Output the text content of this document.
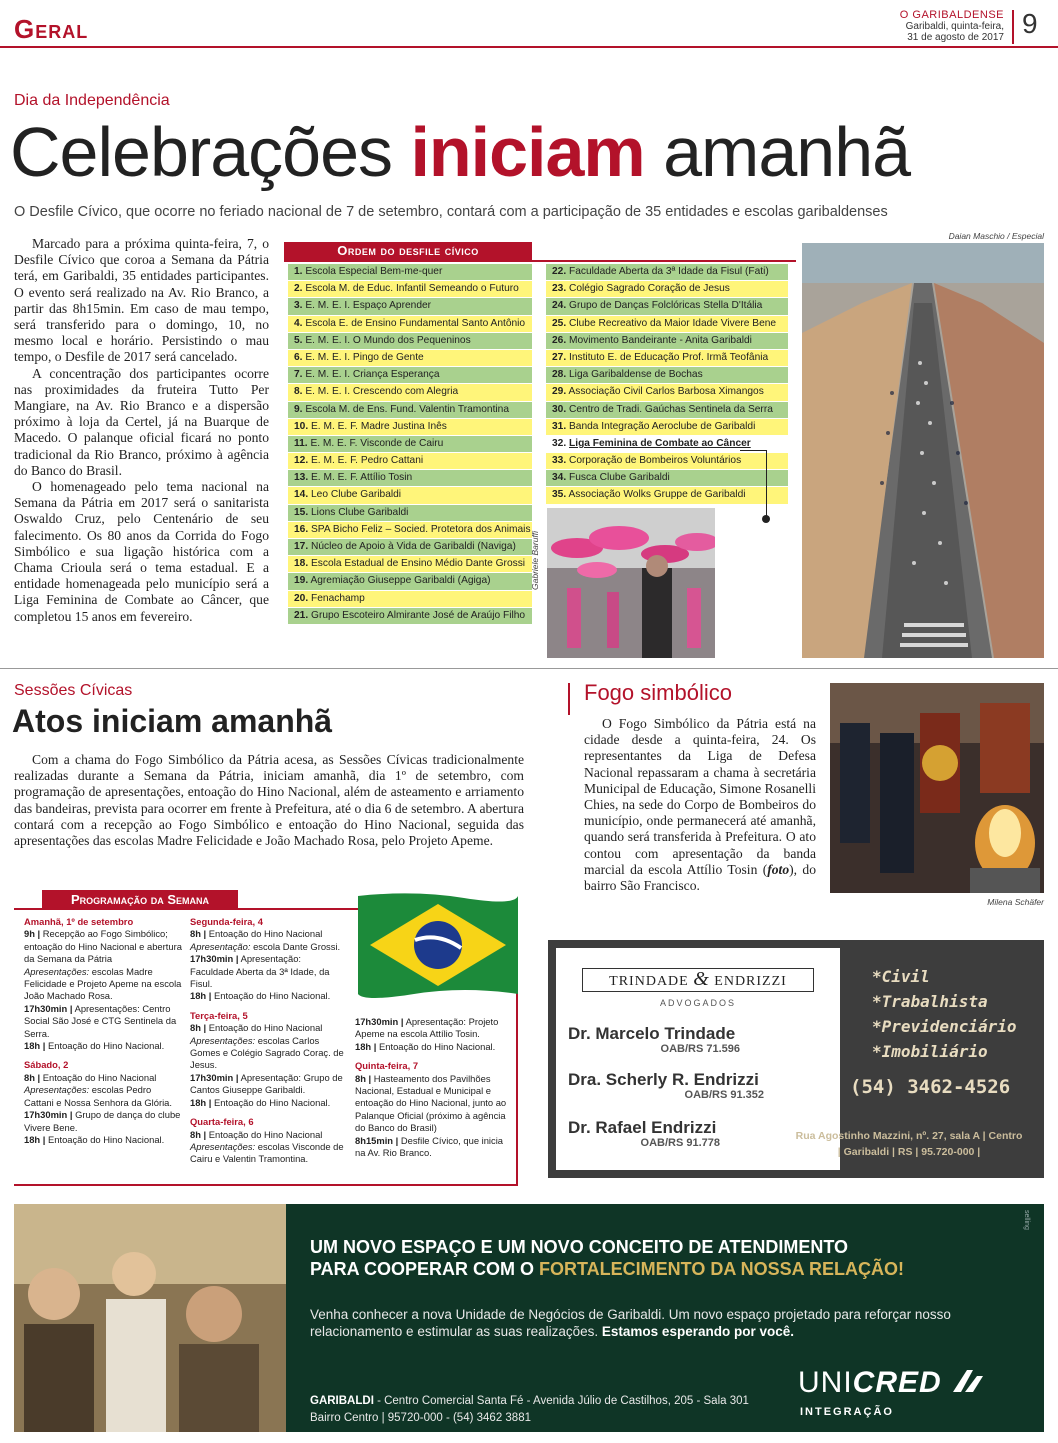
Geral	O GARIBALDENSE
Garibaldi, quinta-feira,
31 de agosto de 2017 9
Dia da Independência
Celebrações iniciam amanhã
O Desfile Cívico, que ocorre no feriado nacional de 7 de setembro, contará com a participação de 35 entidades e escolas garibaldenses

Marcado para a próxima quinta-feira, 7, o Desfile Cívico que coroa a Semana da Pátria terá, em Garibaldi, 35 entidades participantes. O evento será realizado na Av. Rio Branco, a partir das 8h15min. Em caso de mau tempo, será transferido para o domingo, 10, no mesmo local e horário. Persistindo o mau tempo, o Desfile de 2017 será cancelado.

A concentração dos participantes ocorre nas proximidades da fruteira Tutto Per Mangiare, na Av. Rio Branco e a dispersão próximo à loja da Certel, já na Buarque de Macedo. O palanque oficial ficará no ponto tradicional da Rio Branco, próximo à agência do Banco do Brasil.

O homenageado pelo tema nacional na Semana da Pátria em 2017 será o sanitarista Oswaldo Cruz, pelo Centenário de seu falecimento. Os 80 anos da Corrida do Fogo Simbólico e sua ligação histórica com a Chama Crioula será o tema estadual. E a entidade homenageada pelo município será a Liga Feminina de Combate ao Câncer, que completou 15 anos em fevereiro.

Ordem do desfile cívico
1. Escola Especial Bem-me-quer
2. Escola M. de Educ. Infantil Semeando o Futuro
3. E. M. E. I. Espaço Aprender
4. Escola E. de Ensino Fundamental Santo Antônio
5. E. M. E. I. O Mundo dos Pequeninos
6. E. M. E. I. Pingo de Gente
7. E. M. E. I. Criança Esperança
8. E. M. E. I. Crescendo com Alegria
9. Escola M. de Ens. Fund. Valentin Tramontina
10. E. M. E. F. Madre Justina Inês
11. E. M. E. F. Visconde de Cairu
12. E. M. E. F. Pedro Cattani
13. E. M. E. F. Attílio Tosin
14. Leo Clube Garibaldi
15. Lions Clube Garibaldi
16. SPA Bicho Feliz – Socied. Protetora dos Animais
17. Núcleo de Apoio à Vida de Garibaldi (Naviga)
18. Escola Estadual de Ensino Médio Dante Grossi
19. Agremiação Giuseppe Garibaldi (Agiga)
20. Fenachamp
21. Grupo Escoteiro Almirante José de Araújo Filho
22. Faculdade Aberta da 3ª Idade da Fisul (Fati)
23. Colégio Sagrado Coração de Jesus
24. Grupo de Danças Folclóricas Stella D'Itália
25. Clube Recreativo da Maior Idade Vivere Bene
26. Movimento Bandeirante - Anita Garibaldi
27. Instituto E. de Educação Prof. Irmã Teofânia
28. Liga Garibaldense de Bochas
29. Associação Civil Carlos Barbosa Ximangos
30. Centro de Tradi. Gaúchas Sentinela da Serra
31. Banda Integração Aeroclube de Garibaldi
32. Liga Feminina de Combate ao Câncer
33. Corporação de Bombeiros Voluntários
34. Fusca Clube Garibaldi
35. Associação Wolks Gruppe de Garibaldi
Gabriele Baruffi
Daian Maschio / Especial
Sessões Cívicas
Atos iniciam amanhã

Com a chama do Fogo Simbólico da Pátria acesa, as Sessões Cívicas tradicionalmente realizadas durante a Semana da Pátria, iniciam amanhã, dia 1º de setembro, com programação de apresentações, entoação do Hino Nacional, além de asteamento e arriamento das bandeiras, prevista para ocorrer em frente à Prefeitura, até o dia 6 de setembro. A abertura contará com a recepção ao Fogo Simbólico e entoação do Hino Nacional, seguida das apresentações das escolas Madre Felicidade e João Machado Rosa, pelo Projeto Apeme.

Programação da Semana
Amanhã, 1º de setembro
9h | Recepção ao Fogo Simbólico; entoação do Hino Nacional e abertura da Semana da Pátria
Apresentações: escolas Madre Felicidade e Projeto Apeme na escola João Machado Rosa.
17h30min | Apresentações: Centro Social São José e CTG Sentinela da Serra.
18h | Entoação do Hino Nacional.
Sábado, 2
8h | Entoação do Hino Nacional
Apresentações: escolas Pedro Cattani e Nossa Senhora da Glória.
17h30min | Grupo de dança do clube Vivere Bene.
18h | Entoação do Hino Nacional.
Segunda-feira, 4
8h | Entoação do Hino Nacional
Apresentação: escola Dante Grossi.
17h30min | Apresentação: Faculdade Aberta da 3ª Idade, da Fisul.
18h | Entoação do Hino Nacional.
Terça-feira, 5
8h | Entoação do Hino Nacional
Apresentações: escolas Carlos Gomes e Colégio Sagrado Coraç. de Jesus.
17h30min | Apresentação: Grupo de Cantos Giuseppe Garibaldi.
18h | Entoação do Hino Nacional.
Quarta-feira, 6
8h | Entoação do Hino Nacional
Apresentações: escolas Visconde de Cairu e Valentin Tramontina.
17h30min | Apresentação: Projeto Apeme na escola Attílio Tosin.
18h | Entoação do Hino Nacional.
Quinta-feira, 7
8h | Hasteamento dos Pavilhões Nacional, Estadual e Municipal e entoação do Hino Nacional, junto ao Palanque Oficial (próximo à agência do Banco do Brasil)
8h15min | Desfile Cívico, que inicia na Av. Rio Branco.
Fogo simbólico

O Fogo Simbólico da Pátria está na cidade desde a quinta-feira, 24. Os representantes da Liga de Defesa Nacional repassaram a chama à secretária Municipal de Educação, Simone Rosanelli Chies, na sede do Corpo de Bombeiros do município, onde permanecerá até amanhã, quando será transferida à Prefeitura. O ato contou com apresentação da banda marcial da escola Attílio Tosin (foto), do bairro São Francisco.

Milena Schäfer
TRINDADE & ENDRIZZI
ADVOGADOS
Dr. Marcelo Trindade
OAB/RS 71.596
Dra. Scherly R. Endrizzi
OAB/RS 91.352
Dr. Rafael Endrizzi
OAB/RS 91.778
*Civil
*Trabalhista
*Previdenciário
*Imobiliário
(54) 3462-4526
Rua Agostinho Mazzini, nº. 27, sala A | Centro
| Garibaldi | RS | 95.720-000 |
UM NOVO ESPAÇO E UM NOVO CONCEITO DE ATENDIMENTO
PARA COOPERAR COM O FORTALECIMENTO DA NOSSA RELAÇÃO!
Venha conhecer a nova Unidade de Negócios de Garibaldi. Um novo espaço projetado para reforçar nosso relacionamento e estimular as suas realizações. Estamos esperando por você.
GARIBALDI - Centro Comercial Santa Fé - Avenida Júlio de Castilhos, 205 - Sala 301
Bairro Centro | 95720-000 - (54) 3462 3881
UNICRED
INTEGRAÇÃO
selling
